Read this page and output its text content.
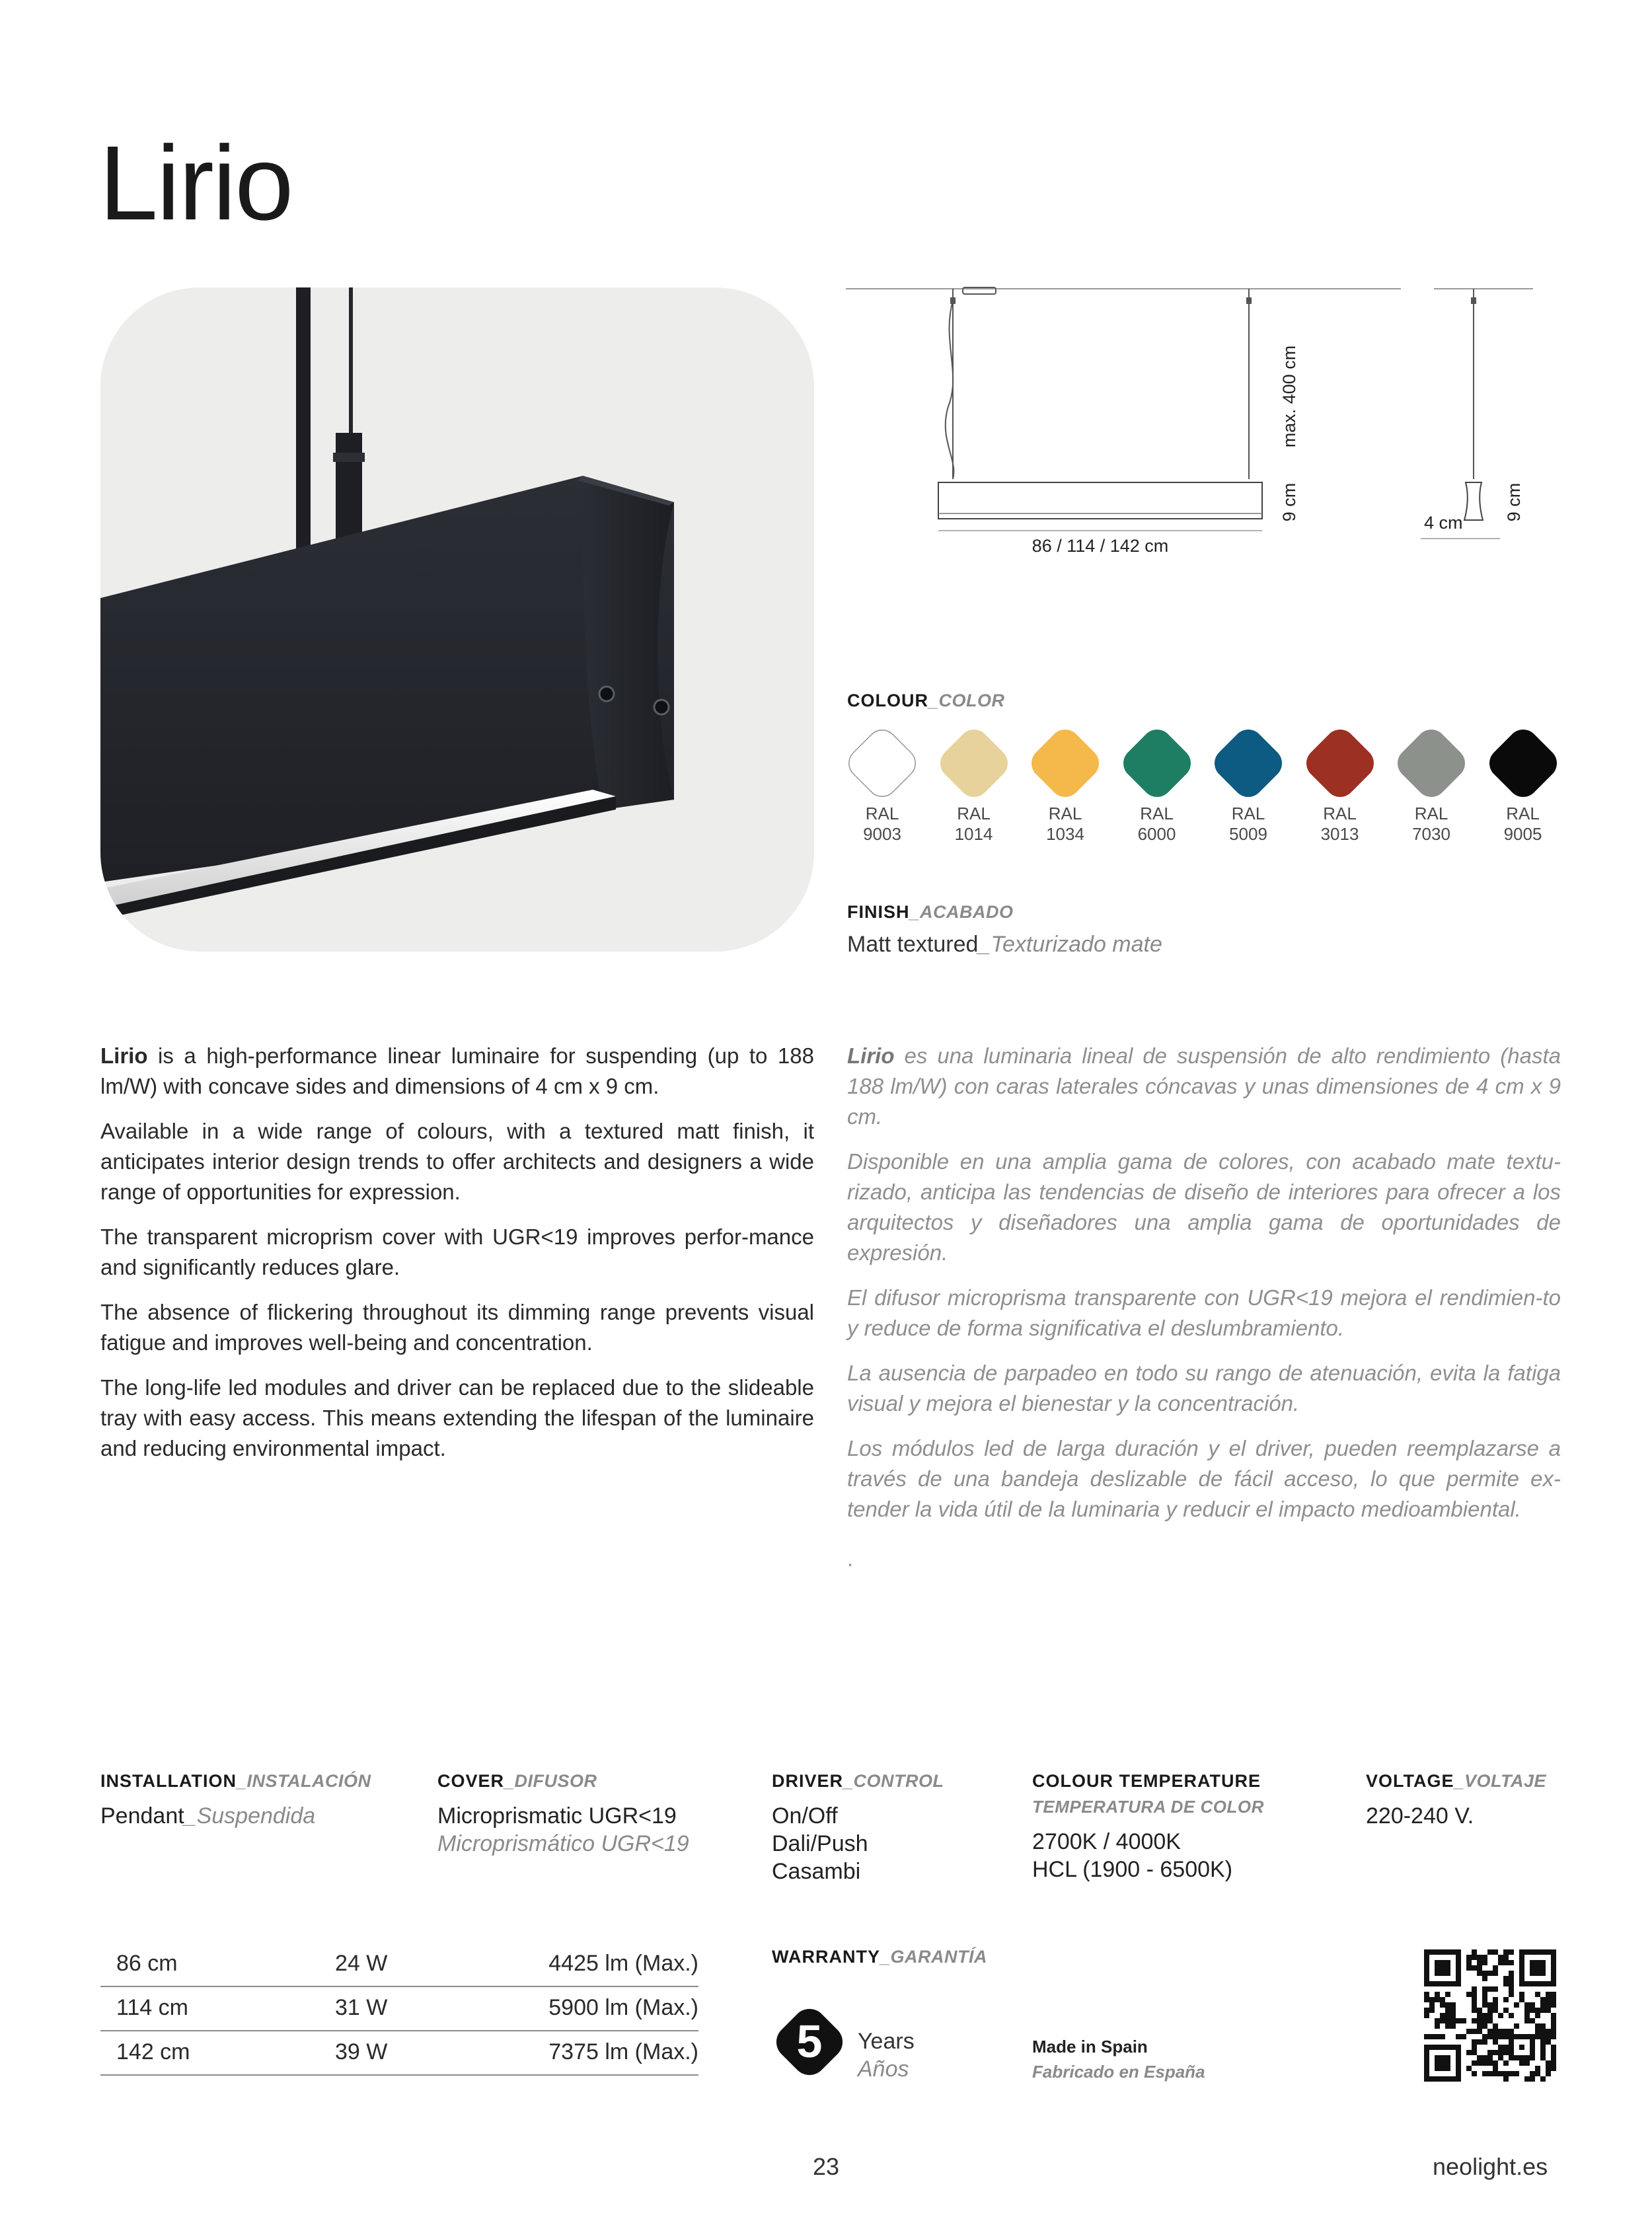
Lirio
86 / 114 / 142 cm
max. 400 cm
9 cm
4 cm
9 cm
COLOUR_COLOR
RAL
9003
RAL
1014
RAL
1034
RAL
6000
RAL
5009
RAL
3013
RAL
7030
RAL
9005
FINISH_ACABADO
Matt textured_Texturizado mate

Lirio is a high-performance linear luminaire for suspending (up to 188 lm/W) with concave sides and dimensions of 4 cm x 9 cm.

Available in a wide range of colours, with a textured matt finish, it anticipates interior design trends to offer architects and designers a wide range of opportunities for expression.

The transparent microprism cover with UGR<19 improves perfor-mance and significantly reduces glare.

The absence of flickering throughout its dimming range prevents visual fatigue and improves well-being and concentration.

The long-life led modules and driver can be replaced due to the slideable tray with easy access. This means extending the lifespan of the luminaire and reducing environmental impact.

Lirio es una luminaria lineal de suspensión de alto rendimiento (hasta 188 lm/W) con caras laterales cóncavas y unas dimensiones de 4 cm x 9 cm.

Disponible en una amplia gama de colores, con acabado mate textu-rizado, anticipa las tendencias de diseño de interiores para ofrecer a los arquitectos y diseñadores una amplia gama de oportunidades de expresión.

El difusor microprisma transparente con UGR<19 mejora el rendimien-to y reduce de forma significativa el deslumbramiento.

La ausencia de parpadeo en todo su rango de atenuación, evita la fatiga visual y mejora el bienestar y la concentración.

Los módulos led de larga duración y el driver, pueden reemplazarse a través de una bandeja deslizable de fácil acceso, lo que permite ex-tender la vida útil de la luminaria y reducir el impacto medioambiental.

.
INSTALLATION_INSTALACIÓN
Pendant_Suspendida
COVER_DIFUSOR
Microprismatic UGR<19
Microprismático UGR<19
DRIVER_CONTROL
On/Off
Dali/Push
Casambi
COLOUR TEMPERATURE
TEMPERATURA DE COLOR
2700K / 4000K
HCL (1900 - 6500K)
VOLTAGE_VOLTAJE
220-240 V.
86 cm	24 W	4425 lm (Max.)
114 cm	31 W	5900 lm (Max.)
142 cm	39 W	7375 lm (Max.)
WARRANTY_GARANTÍA
5 Years
Años
Made in Spain
Fabricado en España
23	neolight.es
